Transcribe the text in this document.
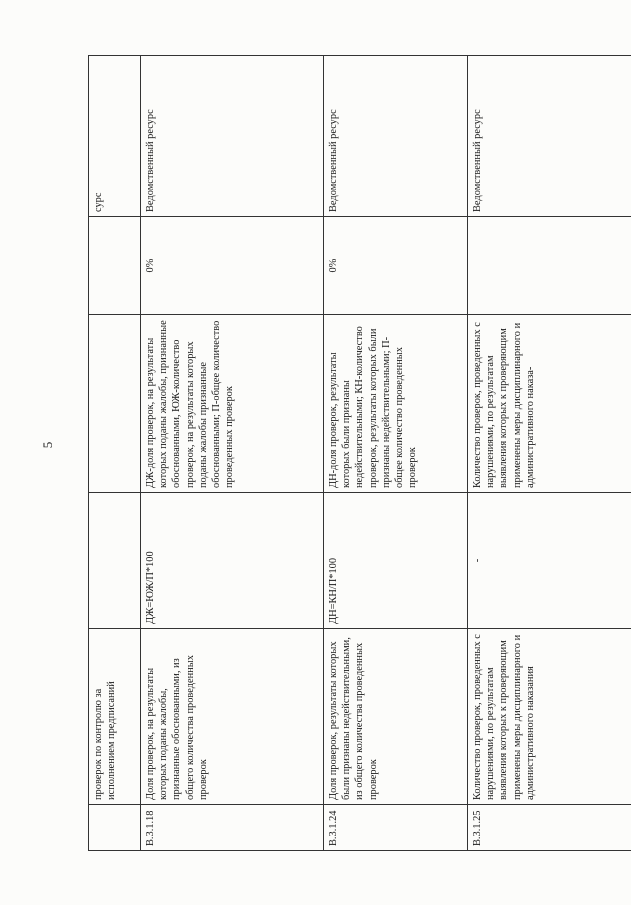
5
	проверок по контролю за исполнением предписаний				сурс
В.3.1.18	Доля проверок, на результаты которых поданы жалобы, признанные обоснованными, из общего количества проведенных проверок	ДЖ=ЮЖ/П*100	ДЖ-доля проверок, на результаты которых поданы жалобы, признанные обоснованными, ЮЖ-количество проверок, на результаты которых поданы жалобы признанные обоснованными; П-общее количество проведенных проверок	0%	Ведомственный ресурс
В.3.1.24	Доля проверок, результаты которых были признаны недействительными, из общего количества проведенных проверок	ДН=КН/П*100	ДН-доля проверок, результаты которых были признаны недействительными; КН-количество проверок, результаты которых были признаны недействительными; П-общее количество проведенных проверок	0%	Ведомственный ресурс
В.3.1.25	Количество проверок, проведенных с нарушениями, по результатам выявления которых к проверяющим применены меры дисциплинарного и административного наказания	-	Количество проверок, проведенных с нарушениями, по результатам выявления которых к проверяющим применены меры дисциплинарного и административного наказа-		Ведомственный ресурс
